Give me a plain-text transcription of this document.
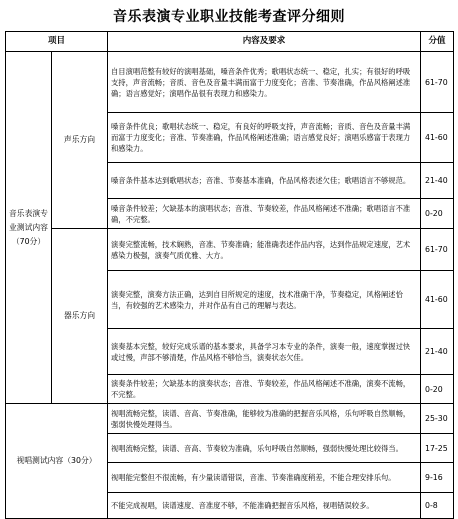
音乐表演专业职业技能考查评分细则
项目		内容及要求	分值
音乐表演专业测试内容（70分）	声乐方向	自目演唱范整有较好的演唱基础，嗓音条件优秀；歌唱状态统一、稳定，扎实；有很好的呼吸支持，声音流畅；音质、音色及音量丰满而富于力度变化；音准、节奏准确，作品风格阐述准确；语言感觉好；演唱作品很有表现力和感染力。	61-70
		嗓音条件优良；歌唱状态统一、稳定，有良好的呼吸支持，声音流畅；音质、音色及音量丰满而富于力度变化；音准、节奏准确，作品风格阐述准确；语言感觉良好；演唱乐感富于表现力和感染力。	41-60
		嗓音条件基本达到歌唱状态；音准、节奏基本准确，作品风格表述欠佳；歌唱语言不够规范。	21-40
		嗓音条件较差；欠缺基本的演唱状态；音准、节奏较差，作品风格阐述不准确；歌唱语言不准确，不完整。	0-20
	器乐方向	演奏完整流畅，技术娴熟，音准、节奏准确；能准确表述作品内容，达到作品规定速度，艺术感染力极强，演奏气质优雅、大方。	61-70
		演奏完整，演奏方法正确，达到自目所规定的速度，技术准确干净，节奏稳定，风格阐述恰当，有较强的艺术感染力，并对作品有自己的理解与表达。	41-60
		演奏基本完整，较好完成乐谱的基本要求，具备学习本专业的条件，演奏一般，速度掌握过快或过慢，声部不够清楚，作品风格不够恰当，演奏状态欠佳。	21-40
		演奏条件较差；欠缺基本的演奏状态；音准、节奏较差，作品风格阐述不准确，演奏不流畅，不完整。	0-20
视唱测试内容（30分）		视唱流畅完整，读谱、音高、节奏准确，能够较为准确的把握音乐风格，乐句呼吸自然顺畅，强弱快慢处理得当。	25-30
		视唱流畅完整，读谱、音高、节奏较为准确，乐句呼吸自然顺畅，强弱快慢处理比较得当。	17-25
		视唱能完整但不很流畅，有少量读谱错误，音准、节奏准确度稍差，不能合理安排乐句。	9-16
		不能完成视唱，读谱速度、音准度不够，不能准确把握音乐风格，视唱错误较多。	0-8
